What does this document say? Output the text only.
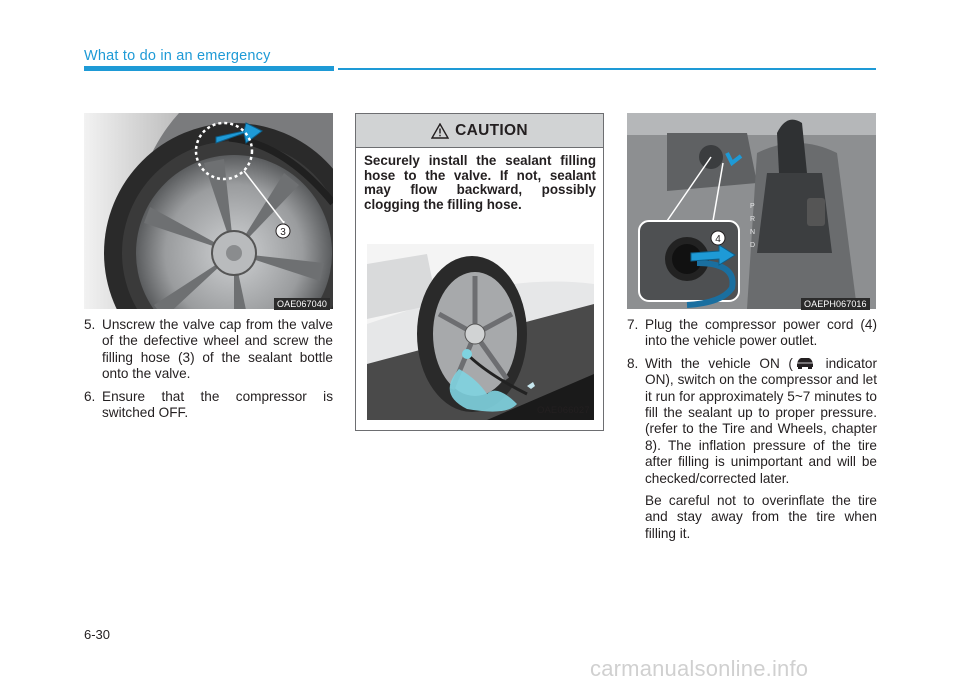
What to do in an emergency
3
OAE067040
5. Unscrew the valve cap from the valve of the defective wheel and screw the filling hose (3) of the sealant bottle onto the valve.

6. Ensure that the compressor is switched OFF.

CAUTION

Securely install the sealant filling hose to the valve. If not, sealant may flow backward, possibly clogging the filling hose.

OAE066027
P
R
N
D
4
OAEPH067016
7. Plug the compressor power cord (4) into the vehicle power outlet.

8. With the vehicle ON ( indicator ON), switch on the compressor and let it run for approximately 5~7 minutes to fill the sealant up to proper pressure. (refer to the Tire and Wheels, chapter 8). The inflation pressure of the tire after filling is unimportant and will be checked/corrected later.

Be careful not to overinflate the tire and stay away from the tire when filling it.

6-30
carmanualsonline.info
